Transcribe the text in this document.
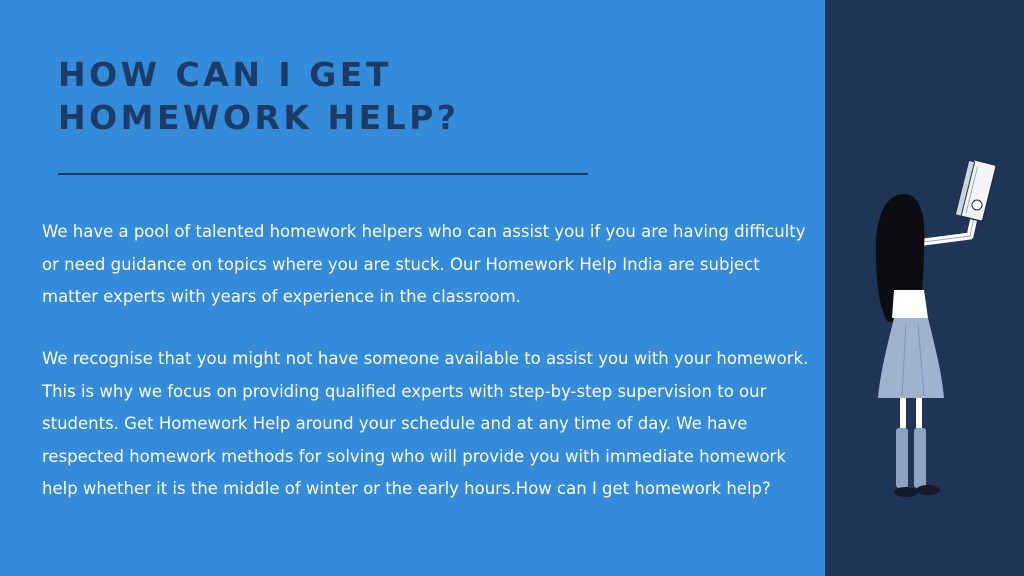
HOW CAN I GET HOMEWORK HELP?

We have a pool of talented homework helpers who can assist you if you are having difficulty or need guidance on topics where you are stuck. Our Homework Help India are subject matter experts with years of experience in the classroom.

We recognise that you might not have someone available to assist you with your homework. This is why we focus on providing qualified experts with step-by-step supervision to our students. Get Homework Help around your schedule and at any time of day. We have respected homework methods for solving who will provide you with immediate homework help whether it is the middle of winter or the early hours.How can I get homework help?
